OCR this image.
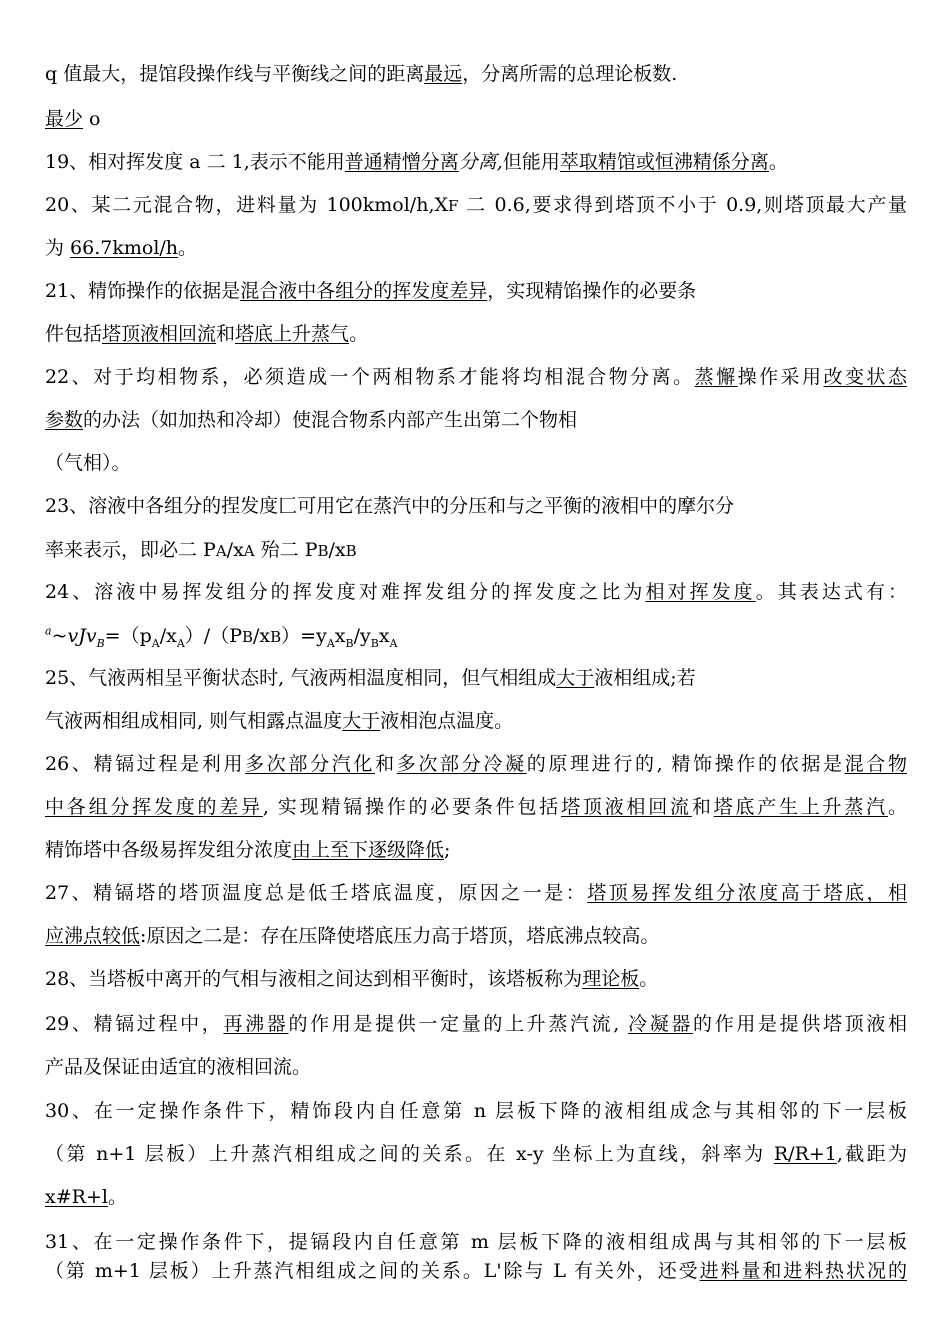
q 值最大，提馆段操作线与平衡线之间的距离最远，分离所需的总理论板数.
最少 o
19、相对挥发度 a 二 1,表示不能用普通精憎分离分离,但能用萃取精馆或恒沸精係分离。
20、某二元混合物，进料量为 100kmol/h,XF 二 0.6,要求得到塔顶不小于 0.9,则塔顶最大产量
为 66.7kmol/h。
21、精饰操作的依据是混合液中各组分的挥发度差异，实现精馅操作的必要条
件包括塔顶液相回流和塔底上升蒸气。
22、对于均相物系，必须造成一个两相物系才能将均相混合物分离。蒸懈操作采用改变状态
参数的办法（如加热和冷却）使混合物系内部产生出第二个物相
（气相）。
23、溶液中各组分的捏发度匚可用它在蒸汽中的分压和与之平衡的液相中的摩尔分
率来表示，即必二 PA/xA 殆二 PB/xB
24、溶液中易挥发组分的挥发度对难挥发组分的挥发度之比为相对挥发度。其表达式有：
$^a\sim vJv_B=(p_A/x_A)/(PB/xB)=y_Ax_B/y_Bx_A$
25、气液两相呈平衡状态时, 气液两相温度相同，但气相组成大于液相组成;若
气液两相组成相同, 则气相露点温度大于液相泡点温度。
26、精镉过程是利用多次部分汽化和多次部分冷凝的原理进行的, 精饰操作的依据是混合物
中各组分挥发度的差异, 实现精镉操作的必要条件包括塔顶液相回流和塔底产生上升蒸汽。
精饰塔中各级易挥发组分浓度由上至下逐级降低;
27、精镉塔的塔顶温度总是低壬塔底温度，原因之一是：塔顶易挥发组分浓度高于塔底，相
应沸点较低:原因之二是：存在压降使塔底压力高于塔顶，塔底沸点较高。
28、当塔板中离开的气相与液相之间达到相平衡时，该塔板称为理论板。
29、精镉过程中，再沸器的作用是提供一定量的上升蒸汽流, 冷凝器的作用是提供塔顶液相
产品及保证由适宜的液相回流。
30、在一定操作条件下，精饰段内自任意第 n 层板下降的液相组成念与其相邻的下一层板
（第 n+1 层板）上升蒸汽相组成之间的关系。在 x-y 坐标上为直线，斜率为 R/R+1,截距为
x#R+l。
31、在一定操作条件下，提镉段内自任意第 m 层板下降的液相组成禺与其相邻的下一层板
（第 m+1 层板）上升蒸汽相组成之间的关系。L'除与 L 有关外，还受进料量和进料热状况的
